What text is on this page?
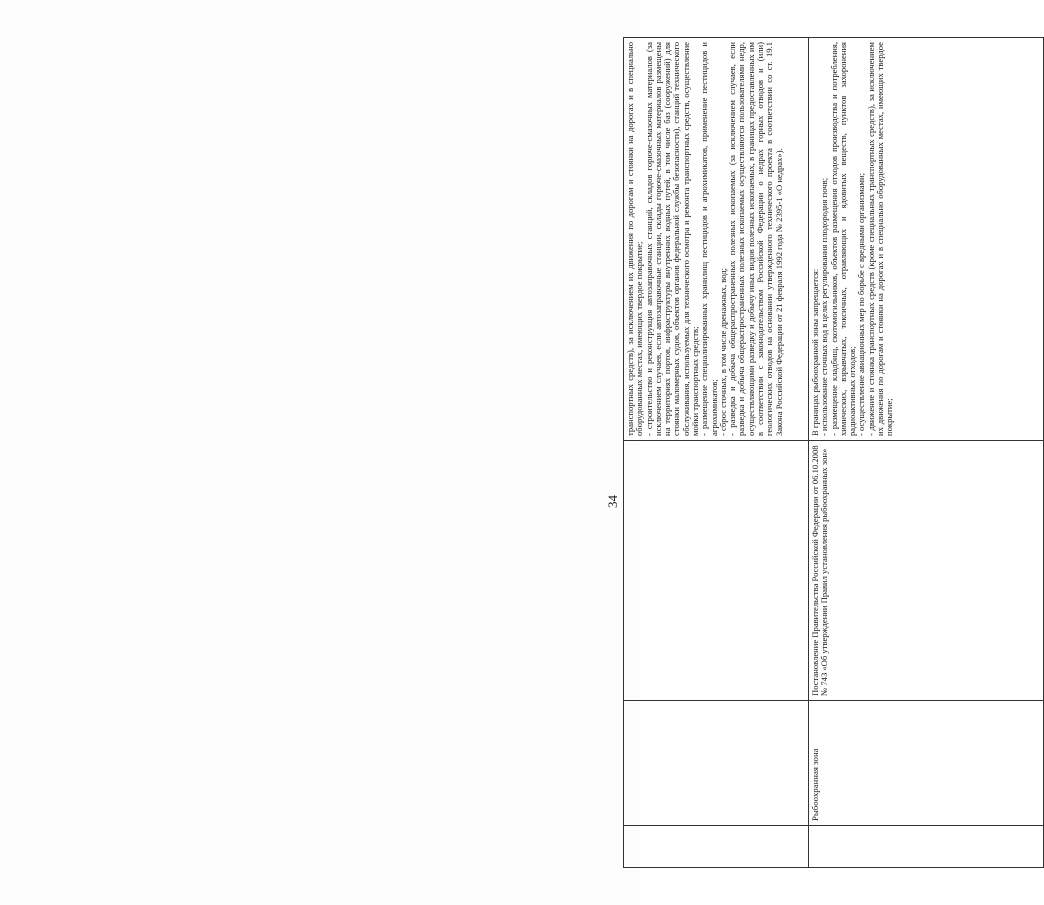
34

			транспортных средств), за исключением их движения по дорогам и стоянки на дорогах и в специально оборудованных местах, имеющих твердое покрытие; - строительство и реконструкция автозаправочных станций, складов горюче-смазочных материалов (за исключением случаев, если автозаправочные станции, склады горюче-смазочных материалов размещены на территориях портов, инфраструктуры внутренних водных путей, в том числе баз (сооружений) для стоянки маломерных судов, объектов органов федеральной службы безопасности), станций технического обслуживания, используемых для технического осмотра и ремонта транспортных средств, осуществление мойки транспортных средств; - размещение специализированных хранилищ пестицидов и агрохимикатов, применение пестицидов и агрохимикатов; - сброс сточных, в том числе дренажных, вод; - разведка и добыча общераспространенных полезных ископаемых (за исключением случаев, если разведка и добыча общераспространенных полезных ископаемых осуществляются пользователями недр, осуществляющими разведку и добычу иных видов полезных ископаемых, в границах предоставленных им в соответствии с законодательством Российской Федерации о недрах горных отводов и (или) геологических отводов на основании утвержденного технического проекта в соответствии со ст. 19.1 Закона Российской Федерации от 21 февраля 1992 года № 2395-1 «О недрах»).

	Рыбоохранная зона	Постановление Правительства Российской Федерации от 06.10.2008 № 743 «Об утверждении Правил установления рыбоохранных зон»	В границах рыбоохранной зоны запрещается: - использование сточных вод в целях регулирования плодородия почв; - размещение кладбищ, скотомогильников, объектов размещения отходов производства и потребления, химических, взрывчатых, токсичных, отравляющих и ядовитых веществ, пунктов захоронения радиоактивных отходов; - осуществление авиационных мер по борьбе с вредными организмами; - движение и стоянка транспортных средств (кроме специальных транспортных средств), за исключением их движения по дорогам и стоянки на дорогах и в специально оборудованных местах, имеющих твердое покрытие;
